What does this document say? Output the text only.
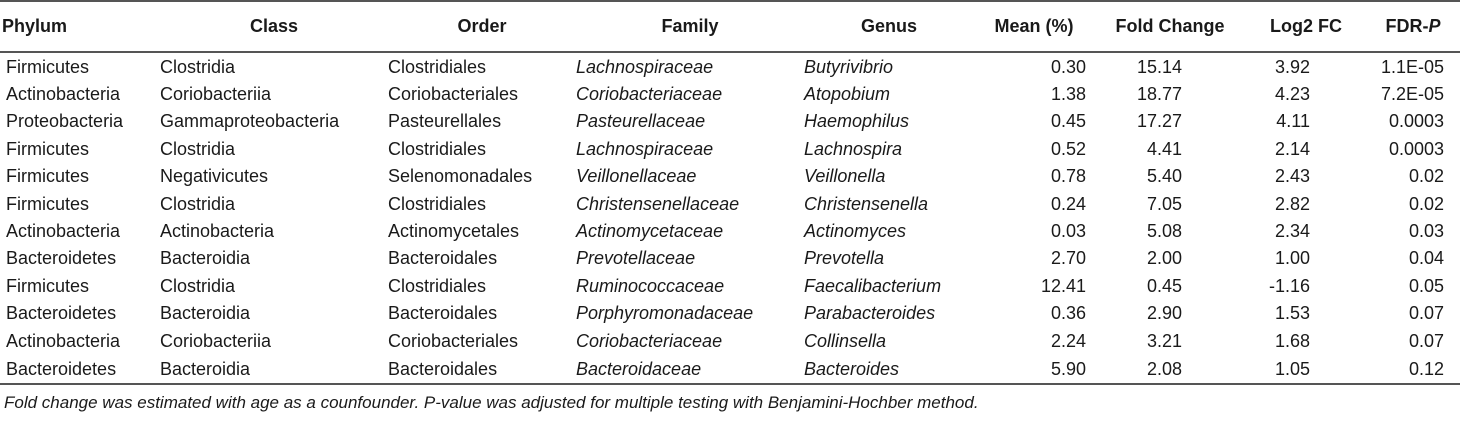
Phylum	Class	Order	Family	Genus	Mean (%)	Fold Change	Log2 FC	FDR-P
Firmicutes	Clostridia	Clostridiales	Lachnospiraceae	Butyrivibrio	0.30	15.14	3.92	1.1E-05
Actinobacteria	Coriobacteriia	Coriobacteriales	Coriobacteriaceae	Atopobium	1.38	18.77	4.23	7.2E-05
Proteobacteria	Gammaproteobacteria	Pasteurellales	Pasteurellaceae	Haemophilus	0.45	17.27	4.11	0.0003
Firmicutes	Clostridia	Clostridiales	Lachnospiraceae	Lachnospira	0.52	4.41	2.14	0.0003
Firmicutes	Negativicutes	Selenomonadales	Veillonellaceae	Veillonella	0.78	5.40	2.43	0.02
Firmicutes	Clostridia	Clostridiales	Christensenellaceae	Christensenella	0.24	7.05	2.82	0.02
Actinobacteria	Actinobacteria	Actinomycetales	Actinomycetaceae	Actinomyces	0.03	5.08	2.34	0.03
Bacteroidetes	Bacteroidia	Bacteroidales	Prevotellaceae	Prevotella	2.70	2.00	1.00	0.04
Firmicutes	Clostridia	Clostridiales	Ruminococcaceae	Faecalibacterium	12.41	0.45	-1.16	0.05
Bacteroidetes	Bacteroidia	Bacteroidales	Porphyromonadaceae	Parabacteroides	0.36	2.90	1.53	0.07
Actinobacteria	Coriobacteriia	Coriobacteriales	Coriobacteriaceae	Collinsella	2.24	3.21	1.68	0.07
Bacteroidetes	Bacteroidia	Bacteroidales	Bacteroidaceae	Bacteroides	5.90	2.08	1.05	0.12
Fold change was estimated with age as a counfounder. P-value was adjusted for multiple testing with Benjamini-Hochber method.
